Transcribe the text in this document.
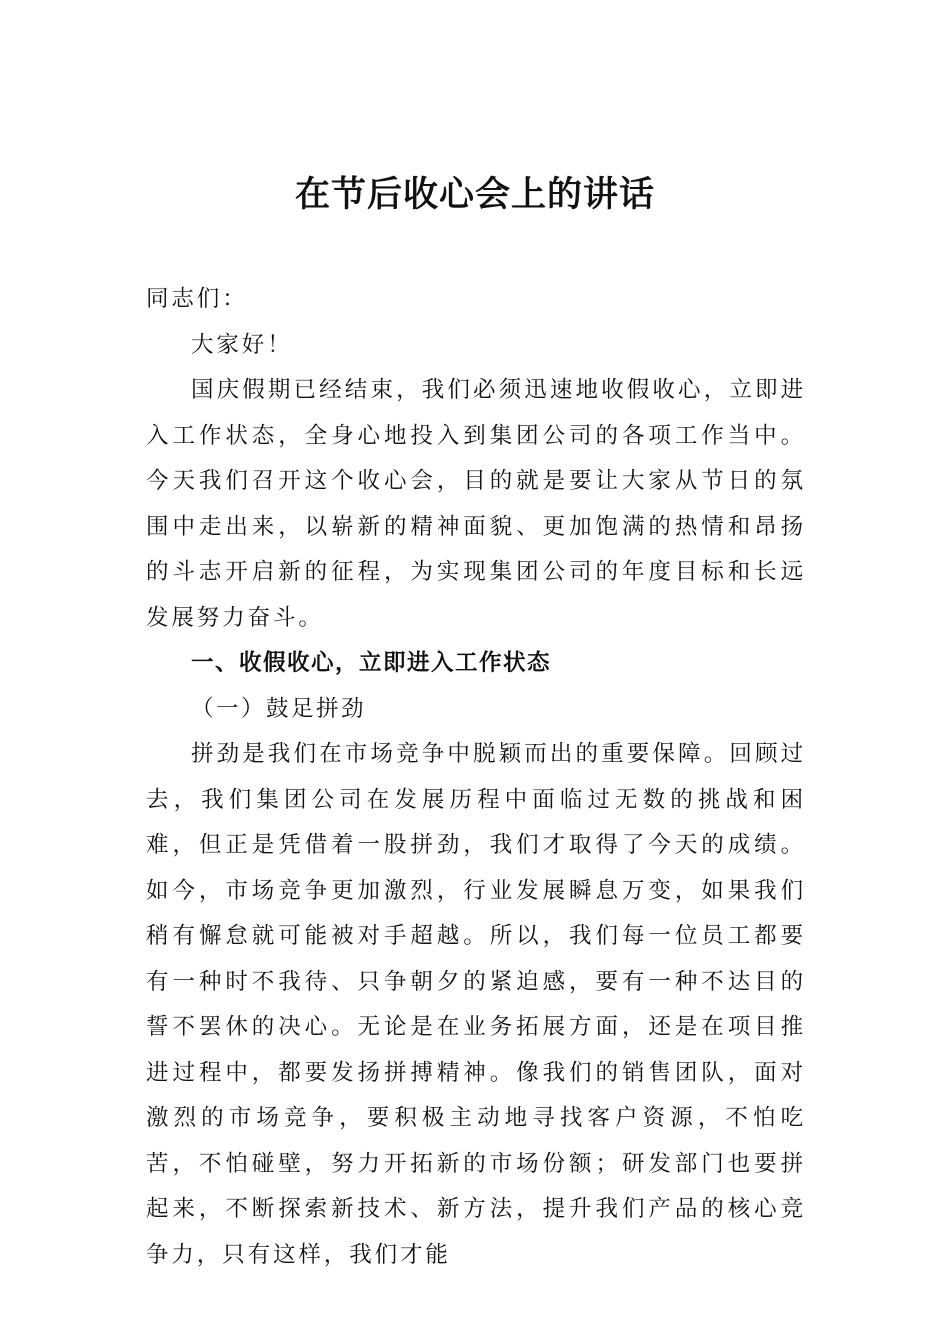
在节后收心会上的讲话

同志们：

大家好！

国庆假期已经结束，我们必须迅速地收假收心，立即进入工作状态，全身心地投入到集团公司的各项工作当中。今天我们召开这个收心会，目的就是要让大家从节日的氛围中走出来，以崭新的精神面貌、更加饱满的热情和昂扬的斗志开启新的征程，为实现集团公司的年度目标和长远发展努力奋斗。

一、收假收心，立即进入工作状态

（一）鼓足拼劲

拼劲是我们在市场竞争中脱颖而出的重要保障。回顾过去，我们集团公司在发展历程中面临过无数的挑战和困难，但正是凭借着一股拼劲，我们才取得了今天的成绩。如今，市场竞争更加激烈，行业发展瞬息万变，如果我们稍有懈怠就可能被对手超越。所以，我们每一位员工都要有一种时不我待、只争朝夕的紧迫感，要有一种不达目的誓不罢休的决心。无论是在业务拓展方面，还是在项目推进过程中，都要发扬拼搏精神。像我们的销售团队，面对激烈的市场竞争，要积极主动地寻找客户资源，不怕吃苦，不怕碰壁，努力开拓新的市场份额；研发部门也要拼起来，不断探索新技术、新方法，提升我们产品的核心竞争力，只有这样，我们才能
